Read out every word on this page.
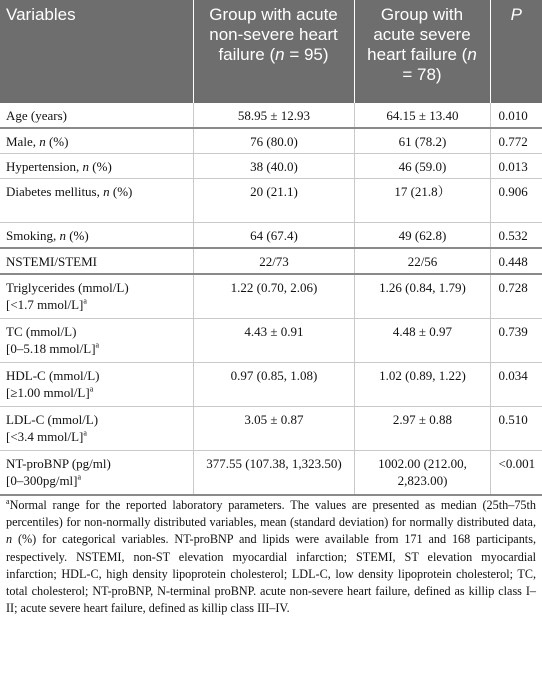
Variables	Group with acute non-severe heart failure (n = 95)	Group with acute severe heart failure (n = 78)	P
Age (years)	58.95 ± 12.93	64.15 ± 13.40	0.010
Male, n (%)	76 (80.0)	61 (78.2)	0.772
Hypertension, n (%)	38 (40.0)	46 (59.0)	0.013
Diabetes mellitus, n (%)	20 (21.1)	17 (21.8）	0.906
Smoking, n (%)	64 (67.4)	49 (62.8)	0.532
NSTEMI/STEMI	22/73	22/56	0.448
Triglycerides (mmol/L)
[<1.7 mmol/L]$^a$	1.22 (0.70, 2.06)	1.26 (0.84, 1.79)	0.728
TC (mmol/L)
[0–5.18 mmol/L]$^a$	4.43 ± 0.91	4.48 ± 0.97	0.739
HDL-C (mmol/L)
[≥1.00 mmol/L]$^a$	0.97 (0.85, 1.08)	1.02 (0.89, 1.22)	0.034
LDL-C (mmol/L)
[<3.4 mmol/L]$^a$	3.05 ± 0.87	2.97 ± 0.88	0.510
NT-proBNP (pg/ml)
$[0-300pg/ml]^a$	377.55 (107.38, 1,323.50)	1002.00 (212.00, 2,823.00)	<0.001
$^a$Normal range for the reported laboratory parameters. The values are presented as median (25th–75th percentiles) for non-normally distributed variables, mean (standard deviation) for normally distributed data, n (%) for categorical variables. NT-proBNP and lipids were available from 171 and 168 participants, respectively. NSTEMI, non-ST elevation myocardial infarction; STEMI, ST elevation myocardial infarction; HDL-C, high density lipoprotein cholesterol; LDL-C, low density lipoprotein cholesterol; TC, total cholesterol; NT-proBNP, N-terminal proBNP. acute non-severe heart failure, defined as killip class I–II; acute severe heart failure, defined as killip class III–IV.
